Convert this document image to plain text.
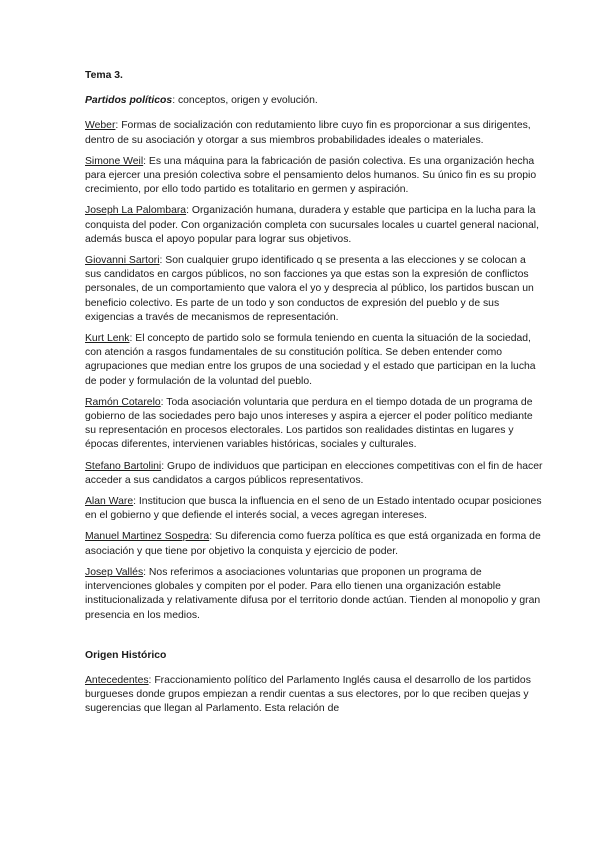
Tema 3.
Partidos políticos: conceptos, origen y evolución.

Weber: Formas de socialización con redutamiento libre cuyo fin es proporcionar a sus dirigentes, dentro de su asociación y otorgar a sus miembros probabilidades ideales o materiales.

Simone Weil: Es una máquina para la fabricación de pasión colectiva. Es una organización hecha para ejercer una presión colectiva sobre el pensamiento delos humanos. Su único fin es su propio crecimiento, por ello todo partido es totalitario en germen y aspiración.

Joseph La Palombara: Organización humana, duradera y estable que participa en la lucha para la conquista del poder. Con organización completa con sucursales locales u cuartel general nacional, además busca el apoyo popular para lograr sus objetivos.

Giovanni Sartori: Son cualquier grupo identificado q se presenta a las elecciones y se colocan a sus candidatos en cargos públicos, no son facciones ya que estas son la expresión de conflictos personales, de un comportamiento que valora el yo y desprecia al público, los partidos buscan un beneficio colectivo. Es parte de un todo y son conductos de expresión del pueblo y de sus exigencias a través de mecanismos de representación.

Kurt Lenk: El concepto de partido solo se formula teniendo en cuenta la situación de la sociedad, con atención a rasgos fundamentales de su constitución política. Se deben entender como agrupaciones que median entre los grupos de una sociedad y el estado que participan en la lucha de poder y formulación de la voluntad del pueblo.

Ramón Cotarelo: Toda asociación voluntaria que perdura en el tiempo dotada de un programa de gobierno de las sociedades pero bajo unos intereses y aspira a ejercer el poder político mediante su representación en procesos electorales. Los partidos son realidades distintas en lugares y épocas diferentes, intervienen variables históricas, sociales y culturales.

Stefano Bartolini: Grupo de individuos que participan en elecciones competitivas con el fin de hacer acceder a sus candidatos a cargos públicos representativos.

Alan Ware: Institucion que busca la influencia en el seno de un Estado intentado ocupar posiciones en el gobierno y que defiende el interés social, a veces agregan intereses.

Manuel Martinez Sospedra: Su diferencia como fuerza política es que está organizada en forma de asociación y que tiene por objetivo la conquista y ejercicio de poder.

Josep Vallés: Nos referimos a asociaciones voluntarias que proponen un programa de intervenciones globales y compiten por el poder. Para ello tienen una organización estable institucionalizada y relativamente difusa por el territorio donde actúan. Tienden al monopolio y gran presencia en los medios.

Origen Histórico

Antecedentes: Fraccionamiento político del Parlamento Inglés causa el desarrollo de los partidos burgueses donde grupos empiezan a rendir cuentas a sus electores, por lo que reciben quejas y sugerencias que llegan al Parlamento. Esta relación de
